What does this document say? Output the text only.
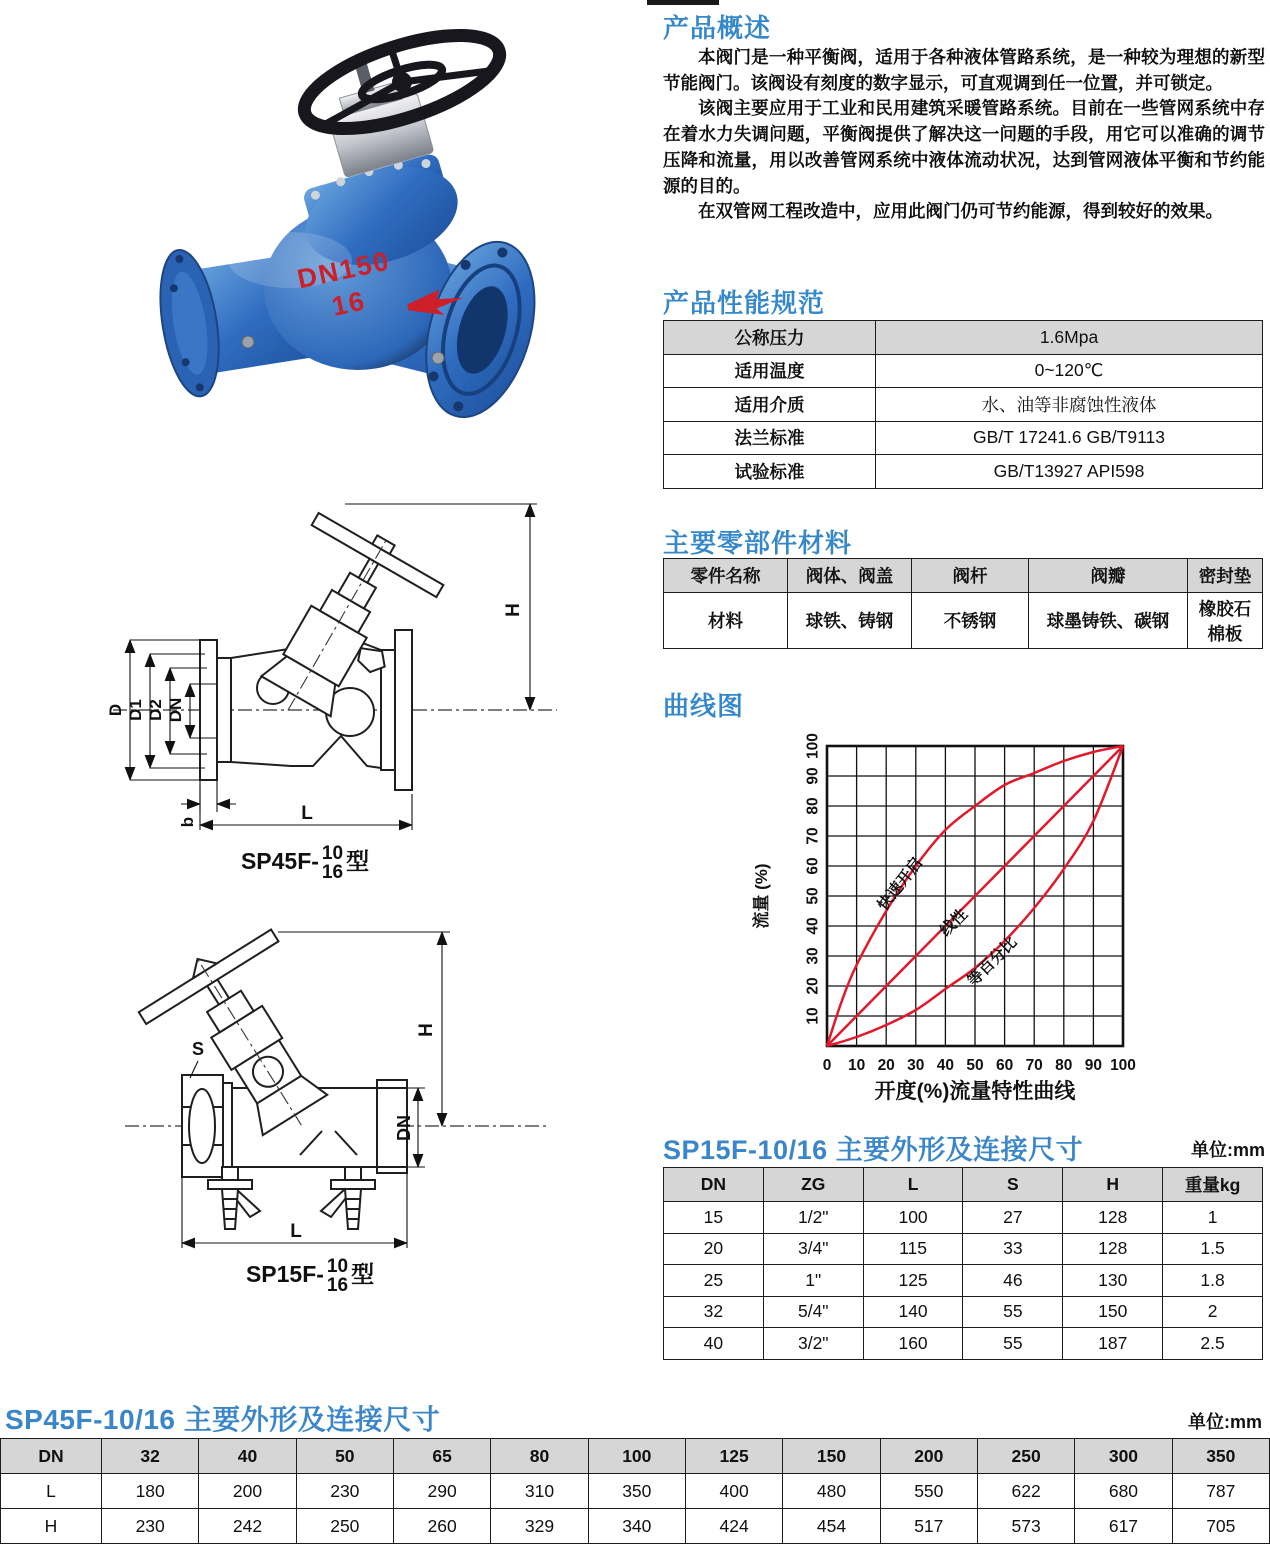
DN150
16
D D1 D2 DN
b	L
H
SP45F- 10
16 型
S
DN
H
L
SP15F- 10
16 型
产品概述

本阀门是一种平衡阀，适用于各种液体管路系统，是一种较为理想的新型节能阀门。该阀设有刻度的数字显示，可直观调到任一位置，并可锁定。

该阀主要应用于工业和民用建筑采暖管路系统。目前在一些管网系统中存在着水力失调问题，平衡阀提供了解决这一问题的手段，用它可以准确的调节压降和流量，用以改善管网系统中液体流动状况，达到管网液体平衡和节约能源的目的。

在双管网工程改造中，应用此阀门仍可节约能源，得到较好的效果。

产品性能规范
公称压力	1.6Mpa
适用温度	0~120℃
适用介质	水、油等非腐蚀性液体
法兰标准	GB/T 17241.6 GB/T9113
试验标准	GB/T13927 API598
主要零部件材料
零件名称	阀体、阀盖	阀杆	阀瓣	密封垫
材料	球铁、铸钢	不锈钢	球墨铸铁、碳钢	橡胶石棉板
曲线图
流量 (%)
开度(%)流量特性曲线
0 10 20 30 40 50 60 70 80 90 100
10
20
30
40
50
60
70
80
90
100
快速开启
线性
等百分比
SP15F-10/16 主要外形及连接尺寸	单位:mm
DN	ZG	L	S	H	重量kg
15	1/2"	100	27	128	1
20	3/4"	115	33	128	1.5
25	1"	125	46	130	1.8
32	5/4"	140	55	150	2
40	3/2"	160	55	187	2.5
SP45F-10/16 主要外形及连接尺寸	单位:mm
DN	32	40	50	65	80	100	125	150	200	250	300	350
L	180	200	230	290	310	350	400	480	550	622	680	787
H	230	242	250	260	329	340	424	454	517	573	617	705
